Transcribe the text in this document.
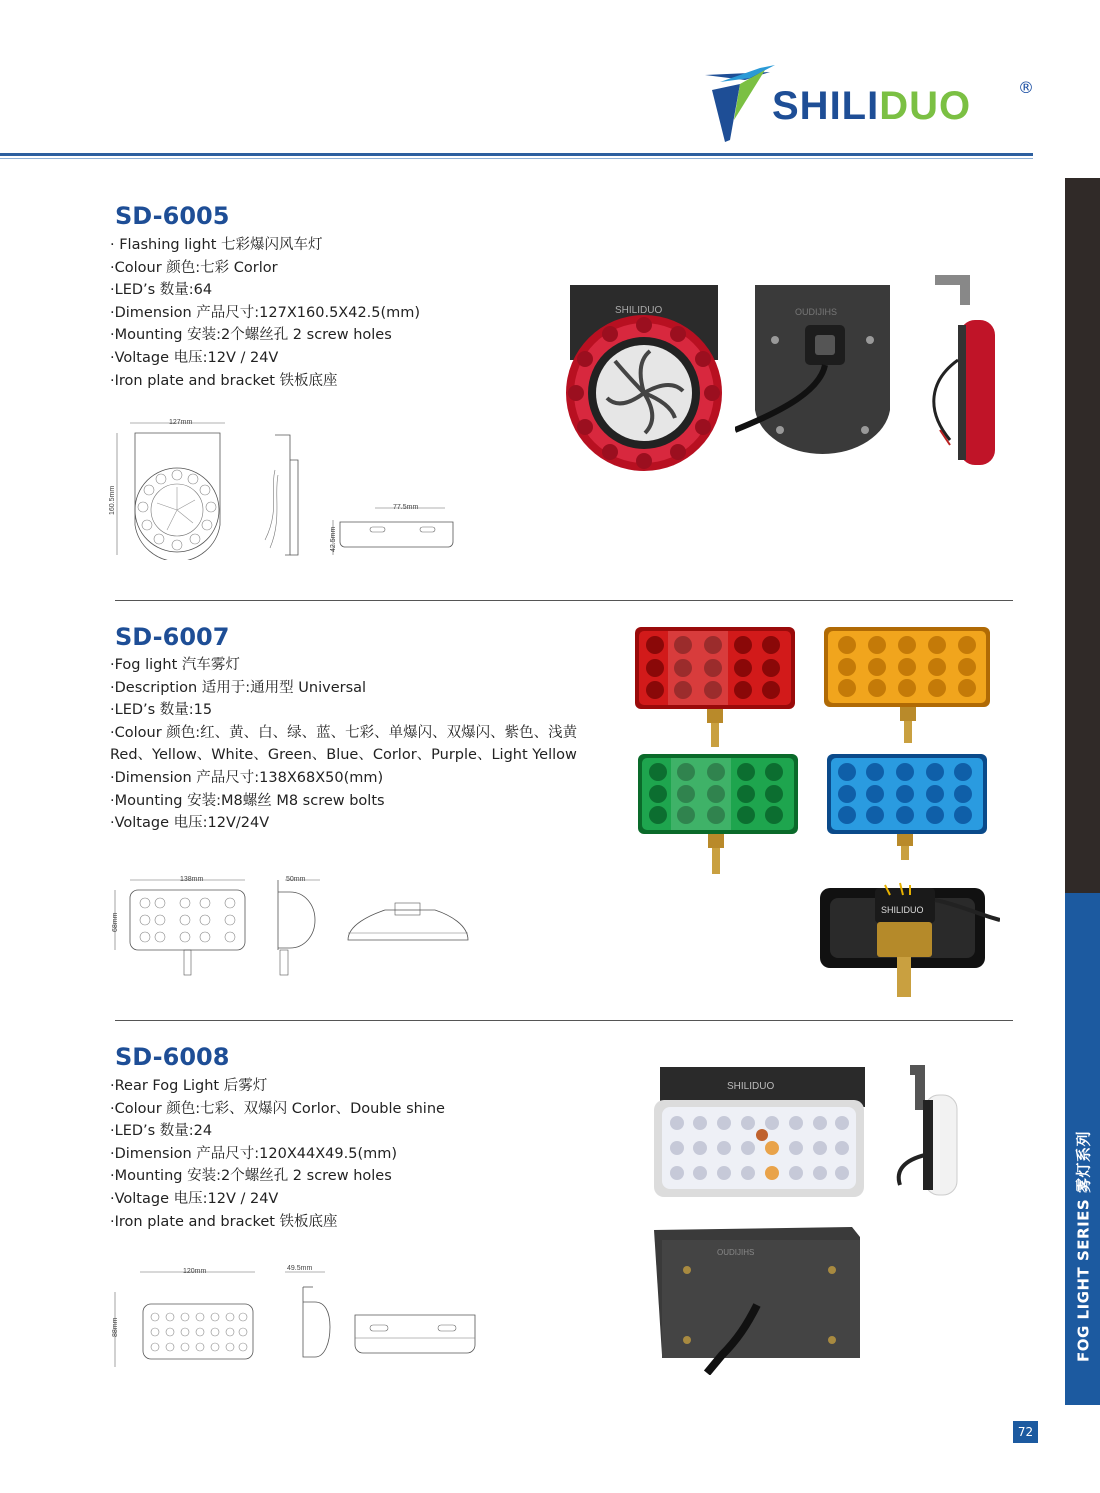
SHILIDUO	®
FOG LIGHT SERIES 雾灯系列
SD-6005
· Flashing light 七彩爆闪风车灯
·Colour 颜色:七彩 Corlor
·LED’s 数量:64
·Dimension 产品尺寸:127X160.5X42.5(mm)
·Mounting 安装:2个螺丝孔 2 screw holes
·Voltage 电压:12V / 24V
·Iron plate and bracket 铁板底座
127mm
160.5mm	77.5mm
42.5mm
SHILIDUO	OUDIJIHS
SD-6007
·Fog light 汽车雾灯
·Description 适用于:通用型 Universal
·LED’s 数量:15
·Colour 颜色:红、黄、白、绿、蓝、七彩、单爆闪、双爆闪、紫色、浅黄
Red、Yellow、White、Green、Blue、Corlor、Purple、Light Yellow
·Dimension 产品尺寸:138X68X50(mm)
·Mounting 安装:M8螺丝 M8 screw bolts
·Voltage 电压:12V/24V
138mm
68mm
50mm
SHILIDUO
SD-6008
·Rear Fog Light 后雾灯
·Colour 颜色:七彩、双爆闪 Corlor、Double shine
·LED’s 数量:24
·Dimension 产品尺寸:120X44X49.5(mm)
·Mounting 安装:2个螺丝孔 2 screw holes
·Voltage 电压:12V / 24V
·Iron plate and bracket 铁板底座
120mm
88mm
49.5mm
SHILIDUO
OUDIJIHS
72
